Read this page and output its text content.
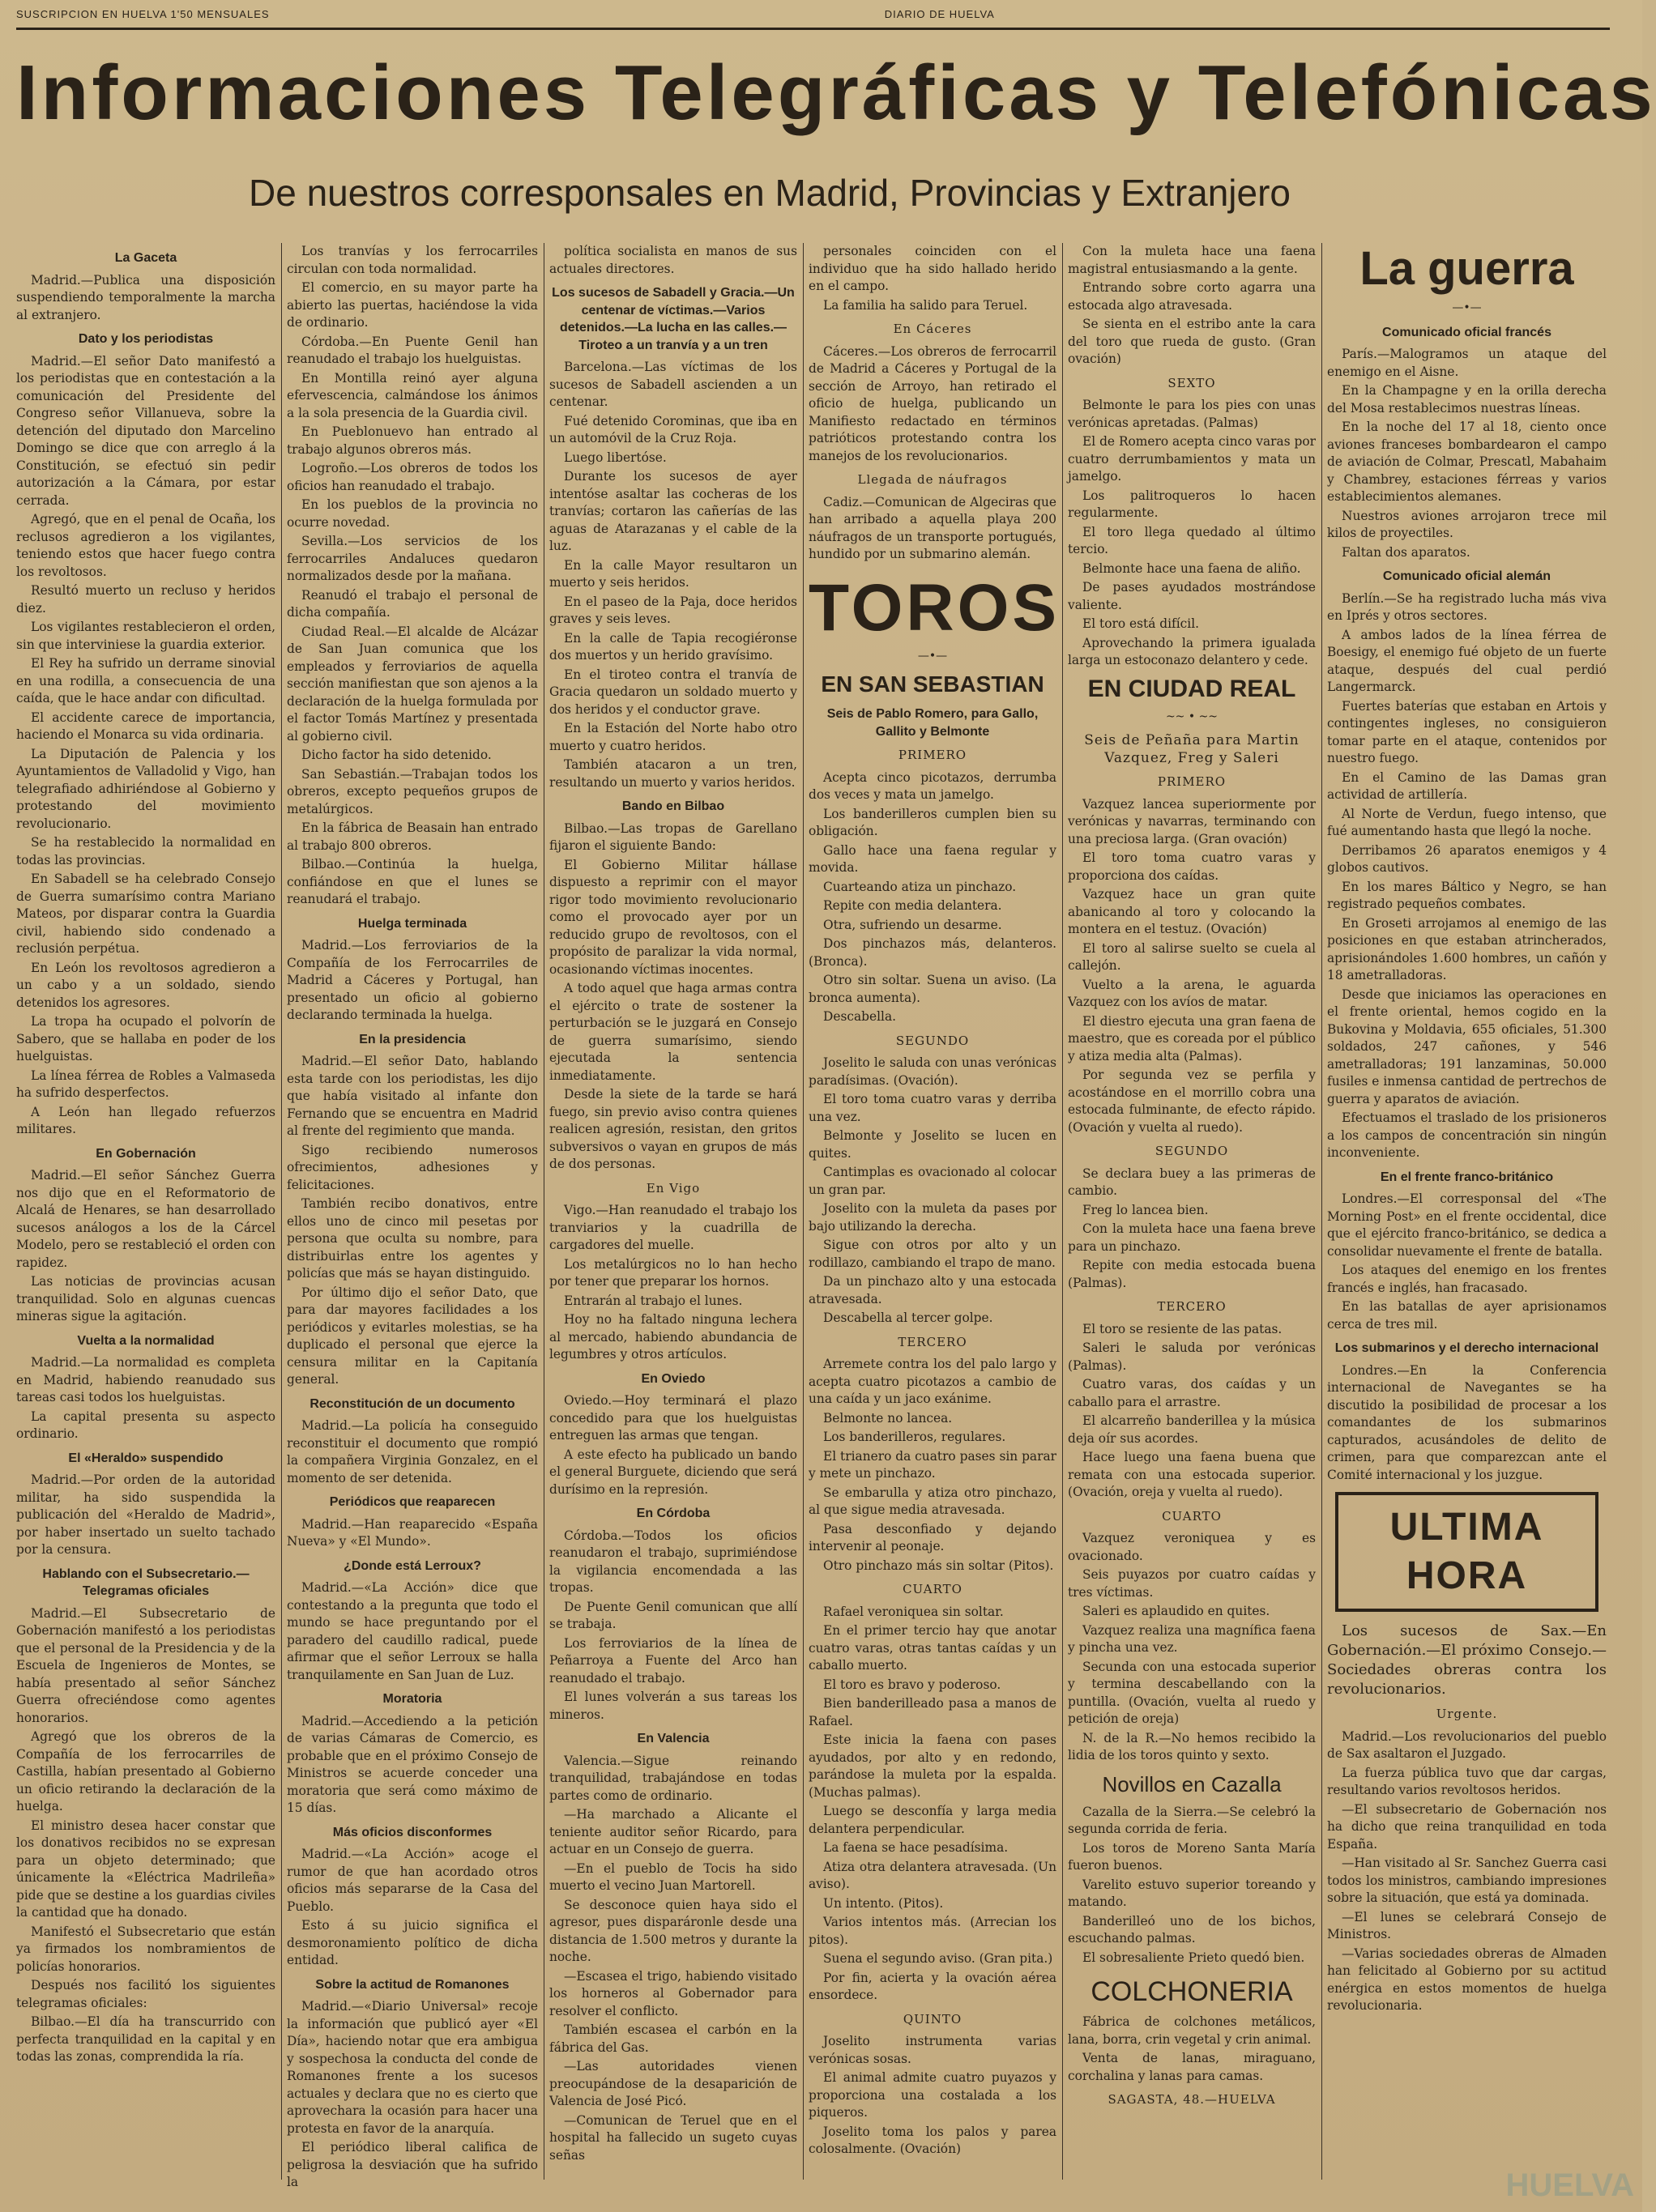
SUSCRIPCION EN HUELVA 1'50 MENSUALES	DIARIO DE HUELVA
Informaciones Telegráficas y Telefónicas
De nuestros corresponsales en Madrid, Provincias y Extranjero
La Gaceta

Madrid.—Publica una disposición suspendiendo temporalmente la marcha al extranjero.

Dato y los periodistas

Madrid.—El señor Dato manifestó a los periodistas que en contestación a la comunicación del Presidente del Congreso señor Villanueva, sobre la detención del diputado don Marcelino Domingo se dice que con arreglo á la Constitución, se efectuó sin pedir autorización a la Cámara, por estar cerrada.

Agregó, que en el penal de Ocaña, los reclusos agredieron a los vigilantes, teniendo estos que hacer fuego contra los revoltosos.

Resultó muerto un recluso y heridos diez.

Los vigilantes restablecieron el orden, sin que interviniese la guardia exterior.

El Rey ha sufrido un derrame sinovial en una rodilla, a consecuencia de una caída, que le hace andar con dificultad.

El accidente carece de importancia, haciendo el Monarca su vida ordinaria.

La Diputación de Palencia y los Ayuntamientos de Valladolid y Vigo, han telegrafiado adhiriéndose al Gobierno y protestando del movimiento revolucionario.

Se ha restablecido la normalidad en todas las provincias.

En Sabadell se ha celebrado Consejo de Guerra sumarísimo contra Mariano Mateos, por disparar contra la Guardia civil, habiendo sido condenado a reclusión perpétua.

En León los revoltosos agredieron a un cabo y a un soldado, siendo detenidos los agresores.

La tropa ha ocupado el polvorín de Sabero, que se hallaba en poder de los huelguistas.

La línea férrea de Robles a Valmaseda ha sufrido desperfectos.

A León han llegado refuerzos militares.

En Gobernación

Madrid.—El señor Sánchez Guerra nos dijo que en el Reformatorio de Alcalá de Henares, se han desarrollado sucesos análogos a los de la Cárcel Modelo, pero se restableció el orden con rapidez.

Las noticias de provincias acusan tranquilidad. Solo en algunas cuencas mineras sigue la agitación.

Vuelta a la normalidad

Madrid.—La normalidad es completa en Madrid, habiendo reanudado sus tareas casi todos los huelguistas.

La capital presenta su aspecto ordinario.

El «Heraldo» suspendido

Madrid.—Por orden de la autoridad militar, ha sido suspendida la publicación del «Heraldo de Madrid», por haber insertado un suelto tachado por la censura.

Hablando con el Subsecretario.—Telegramas oficiales

Madrid.—El Subsecretario de Gobernación manifestó a los periodistas que el personal de la Presidencia y de la Escuela de Ingenieros de Montes, se había presentado al señor Sánchez Guerra ofreciéndose como agentes honorarios.

Agregó que los obreros de la Compañía de los ferrocarriles de Castilla, habían presentado al Gobierno un oficio retirando la declaración de la huelga.

El ministro desea hacer constar que los donativos recibidos no se expresan para un objeto determinado; que únicamente la «Eléctrica Madrileña» pide que se destine a los guardias civiles la cantidad que ha donado.

Manifestó el Subsecretario que están ya firmados los nombramientos de policías honorarios.

Después nos facilitó los siguientes telegramas oficiales:

Bilbao.—El día ha transcurrido con perfecta tranquilidad en la capital y en todas las zonas, comprendida la ría.

Los tranvías y los ferrocarriles circulan con toda normalidad.

El comercio, en su mayor parte ha abierto las puertas, haciéndose la vida de ordinario.

Córdoba.—En Puente Genil han reanudado el trabajo los huelguistas.

En Montilla reinó ayer alguna efervescencia, calmándose los ánimos a la sola presencia de la Guardia civil.

En Pueblonuevo han entrado al trabajo algunos obreros más.

Logroño.—Los obreros de todos los oficios han reanudado el trabajo.

En los pueblos de la provincia no ocurre novedad.

Sevilla.—Los servicios de los ferrocarriles Andaluces quedaron normalizados desde por la mañana.

Reanudó el trabajo el personal de dicha compañía.

Ciudad Real.—El alcalde de Alcázar de San Juan comunica que los empleados y ferroviarios de aquella sección manifiestan que son ajenos a la declaración de la huelga formulada por el factor Tomás Martínez y presentada al gobierno civil.

Dicho factor ha sido detenido.

San Sebastián.—Trabajan todos los obreros, excepto pequeños grupos de metalúrgicos.

En la fábrica de Beasain han entrado al trabajo 800 obreros.

Bilbao.—Continúa la huelga, confiándose en que el lunes se reanudará el trabajo.

Huelga terminada

Madrid.—Los ferroviarios de la Compañía de los Ferrocarriles de Madrid a Cáceres y Portugal, han presentado un oficio al gobierno declarando terminada la huelga.

En la presidencia

Madrid.—El señor Dato, hablando esta tarde con los periodistas, les dijo que había visitado al infante don Fernando que se encuentra en Madrid al frente del regimiento que manda.

Sigo recibiendo numerosos ofrecimientos, adhesiones y felicitaciones.

También recibo donativos, entre ellos uno de cinco mil pesetas por persona que oculta su nombre, para distribuirlas entre los agentes y policías que más se hayan distinguido.

Por último dijo el señor Dato, que para dar mayores facilidades a los periódicos y evitarles molestias, se ha duplicado el personal que ejerce la censura militar en la Capitanía general.

Reconstitución de un documento

Madrid.—La policía ha conseguido reconstituir el documento que rompió la compañera Virginia Gonzalez, en el momento de ser detenida.

Periódicos que reaparecen

Madrid.—Han reaparecido «España Nueva» y «El Mundo».

¿Donde está Lerroux?

Madrid.—«La Acción» dice que contestando a la pregunta que todo el mundo se hace preguntando por el paradero del caudillo radical, puede afirmar que el señor Lerroux se halla tranquilamente en San Juan de Luz.

Moratoria

Madrid.—Accediendo a la petición de varias Cámaras de Comercio, es probable que en el próximo Consejo de Ministros se acuerde conceder una moratoria que será como máximo de 15 días.

Más oficios disconformes

Madrid.—«La Acción» acoge el rumor de que han acordado otros oficios más separarse de la Casa del Pueblo.

Esto á su juicio significa el desmoronamiento político de dicha entidad.

Sobre la actitud de Romanones

Madrid.—«Diario Universal» recoje la información que publicó ayer «El Día», haciendo notar que era ambigua y sospechosa la conducta del conde de Romanones frente a los sucesos actuales y declara que no es cierto que aprovechara la ocasión para hacer una protesta en favor de la anarquía.

El periódico liberal califica de peligrosa la desviación que ha sufrido la

política socialista en manos de sus actuales directores.

Los sucesos de Sabadell y Gracia.—Un centenar de víctimas.—Varios detenidos.—La lucha en las calles.—Tiroteo a un tranvía y a un tren

Barcelona.—Las víctimas de los sucesos de Sabadell ascienden a un centenar.

Fué detenido Corominas, que iba en un automóvil de la Cruz Roja.

Luego libertóse.

Durante los sucesos de ayer intentóse asaltar las cocheras de los tranvías; cortaron las cañerías de las aguas de Atarazanas y el cable de la luz.

En la calle Mayor resultaron un muerto y seis heridos.

En el paseo de la Paja, doce heridos graves y seis leves.

En la calle de Tapia recogiéronse dos muertos y un herido gravísimo.

En el tiroteo contra el tranvía de Gracia quedaron un soldado muerto y dos heridos y el conductor grave.

En la Estación del Norte habo otro muerto y cuatro heridos.

También atacaron a un tren, resultando un muerto y varios heridos.

Bando en Bilbao

Bilbao.—Las tropas de Garellano fijaron el siguiente Bando:

El Gobierno Militar hállase dispuesto a reprimir con el mayor rigor todo movimiento revolucionario como el provocado ayer por un reducido grupo de revoltosos, con el propósito de paralizar la vida normal, ocasionando víctimas inocentes.

A todo aquel que haga armas contra el ejército o trate de sostener la perturbación se le juzgará en Consejo de guerra sumarísimo, siendo ejecutada la sentencia inmediatamente.

Desde la siete de la tarde se hará fuego, sin previo aviso contra quienes realicen agresión, resistan, den gritos subversivos o vayan en grupos de más de dos personas.

En Vigo

Vigo.—Han reanudado el trabajo los tranviarios y la cuadrilla de cargadores del muelle.

Los metalúrgicos no lo han hecho por tener que preparar los hornos.

Entrarán al trabajo el lunes.

Hoy no ha faltado ninguna lechera al mercado, habiendo abundancia de legumbres y otros artículos.

En Oviedo

Oviedo.—Hoy terminará el plazo concedido para que los huelguistas entreguen las armas que tengan.

A este efecto ha publicado un bando el general Burguete, diciendo que será durísimo en la represión.

En Córdoba

Córdoba.—Todos los oficios reanudaron el trabajo, suprimiéndose la vigilancia encomendada a las tropas.

De Puente Genil comunican que allí se trabaja.

Los ferroviarios de la línea de Peñarroya a Fuente del Arco han reanudado el trabajo.

El lunes volverán a sus tareas los mineros.

En Valencia

Valencia.—Sigue reinando tranquilidad, trabajándose en todas partes como de ordinario.

—Ha marchado a Alicante el teniente auditor señor Ricardo, para actuar en un Consejo de guerra.

—En el pueblo de Tocis ha sido muerto el vecino Juan Martorell.

Se desconoce quien haya sido el agresor, pues disparáronle desde una distancia de 1.500 metros y durante la noche.

—Escasea el trigo, habiendo visitado los horneros al Gobernador para resolver el conflicto.

También escasea el carbón en la fábrica del Gas.

—Las autoridades vienen preocupándose de la desaparición de Valencia de José Picó.

—Comunican de Teruel que en el hospital ha fallecido un sugeto cuyas señas

personales coinciden con el individuo que ha sido hallado herido en el campo.

La familia ha salido para Teruel.

En Cáceres

Cáceres.—Los obreros de ferrocarril de Madrid a Cáceres y Portugal de la sección de Arroyo, han retirado el oficio de huelga, publicando un Manifiesto redactado en términos patrióticos protestando contra los manejos de los revolucionarios.

Llegada de náufragos

Cadiz.—Comunican de Algeciras que han arribado a aquella playa 200 náufragos de un transporte portugués, hundido por un submarino alemán.

TOROS
—•—
EN SAN SEBASTIAN
Seis de Pablo Romero, para Gallo, Gallito y Belmonte
PRIMERO

Acepta cinco picotazos, derrumba dos veces y mata un jamelgo.

Los banderilleros cumplen bien su obligación.

Gallo hace una faena regular y movida.

Cuarteando atiza un pinchazo.

Repite con media delantera.

Otra, sufriendo un desarme.

Dos pinchazos más, delanteros. (Bronca).

Otro sin soltar. Suena un aviso. (La bronca aumenta).

Descabella.

SEGUNDO

Joselito le saluda con unas verónicas paradísimas. (Ovación).

El toro toma cuatro varas y derriba una vez.

Belmonte y Joselito se lucen en quites.

Cantimplas es ovacionado al colocar un gran par.

Joselito con la muleta da pases por bajo utilizando la derecha.

Sigue con otros por alto y un rodillazo, cambiando el trapo de mano.

Da un pinchazo alto y una estocada atravesada.

Descabella al tercer golpe.

TERCERO

Arremete contra los del palo largo y acepta cuatro picotazos a cambio de una caída y un jaco exánime.

Belmonte no lancea.

Los banderilleros, regulares.

El trianero da cuatro pases sin parar y mete un pinchazo.

Se embarulla y atiza otro pinchazo, al que sigue media atravesada.

Pasa desconfiado y dejando intervenir al peonaje.

Otro pinchazo más sin soltar (Pitos).

CUARTO

Rafael veroniquea sin soltar.

En el primer tercio hay que anotar cuatro varas, otras tantas caídas y un caballo muerto.

El toro es bravo y poderoso.

Bien banderilleado pasa a manos de Rafael.

Este inicia la faena con pases ayudados, por alto y en redondo, parándose la muleta por la espalda. (Muchas palmas).

Luego se desconfía y larga media delantera perpendicular.

La faena se hace pesadísima.

Atiza otra delantera atravesada. (Un aviso).

Un intento. (Pitos).

Varios intentos más. (Arrecian los pitos).

Suena el segundo aviso. (Gran pita.)

Por fin, acierta y la ovación aérea ensordece.

QUINTO

Joselito instrumenta varias verónicas sosas.

El animal admite cuatro puyazos y proporciona una costalada a los piqueros.

Joselito toma los palos y parea colosalmente. (Ovación)

Con la muleta hace una faena magistral entusiasmando a la gente.

Entrando sobre corto agarra una estocada algo atravesada.

Se sienta en el estribo ante la cara del toro que rueda de gusto. (Gran ovación)

SEXTO

Belmonte le para los pies con unas verónicas apretadas. (Palmas)

El de Romero acepta cinco varas por cuatro derrumbamientos y mata un jamelgo.

Los palitroqueros lo hacen regularmente.

El toro llega quedado al último tercio.

Belmonte hace una faena de aliño.

De pases ayudados mostrándose valiente.

El toro está difícil.

Aprovechando la primera igualada larga un estoconazo delantero y cede.

EN CIUDAD REAL
~~ • ~~
Seis de Peñaña para Martin Vazquez, Freg y Saleri
PRIMERO

Vazquez lancea superiormente por verónicas y navarras, terminando con una preciosa larga. (Gran ovación)

El toro toma cuatro varas y proporciona dos caídas.

Vazquez hace un gran quite abanicando al toro y colocando la montera en el testuz. (Ovación)

El toro al salirse suelto se cuela al callejón.

Vuelto a la arena, le aguarda Vazquez con los avíos de matar.

El diestro ejecuta una gran faena de maestro, que es coreada por el público y atiza media alta (Palmas).

Por segunda vez se perfila y acostándose en el morrillo cobra una estocada fulminante, de efecto rápido. (Ovación y vuelta al ruedo).

SEGUNDO

Se declara buey a las primeras de cambio.

Freg lo lancea bien.

Con la muleta hace una faena breve para un pinchazo.

Repite con media estocada buena (Palmas).

TERCERO

El toro se resiente de las patas.

Saleri le saluda por verónicas (Palmas).

Cuatro varas, dos caídas y un caballo para el arrastre.

El alcarreño banderillea y la música deja oír sus acordes.

Hace luego una faena buena que remata con una estocada superior. (Ovación, oreja y vuelta al ruedo).

CUARTO

Vazquez veroniquea y es ovacionado.

Seis puyazos por cuatro caídas y tres víctimas.

Saleri es aplaudido en quites.

Vazquez realiza una magnífica faena y pincha una vez.

Secunda con una estocada superior y termina descabellando con la puntilla. (Ovación, vuelta al ruedo y petición de oreja)

N. de la R.—No hemos recibido la lidia de los toros quinto y sexto.

Novillos en Cazalla

Cazalla de la Sierra.—Se celebró la segunda corrida de feria.

Los toros de Moreno Santa María fueron buenos.

Varelito estuvo superior toreando y matando.

Banderilleó uno de los bichos, escuchando palmas.

El sobresaliente Prieto quedó bien.

COLCHONERIA

Fábrica de colchones metálicos, lana, borra, crin vegetal y crin animal.

Venta de lanas, miraguano, corchalina y lanas para camas.

SAGASTA, 48.—HUELVA
La guerra
—•—
Comunicado oficial francés

París.—Malogramos un ataque del enemigo en el Aisne.

En la Champagne y en la orilla derecha del Mosa restablecimos nuestras líneas.

En la noche del 17 al 18, ciento once aviones franceses bombardearon el campo de aviación de Colmar, Prescatl, Mabahaim y Chambrey, estaciones férreas y varios establecimientos alemanes.

Nuestros aviones arrojaron trece mil kilos de proyectiles.

Faltan dos aparatos.

Comunicado oficial alemán

Berlín.—Se ha registrado lucha más viva en Iprés y otros sectores.

A ambos lados de la línea férrea de Boesigy, el enemigo fué objeto de un fuerte ataque, después del cual perdió Langermarck.

Fuertes baterías que estaban en Artois y contingentes ingleses, no consiguieron tomar parte en el ataque, contenidos por nuestro fuego.

En el Camino de las Damas gran actividad de artillería.

Al Norte de Verdun, fuego intenso, que fué aumentando hasta que llegó la noche.

Derribamos 26 aparatos enemigos y 4 globos cautivos.

En los mares Báltico y Negro, se han registrado pequeños combates.

En Groseti arrojamos al enemigo de las posiciones en que estaban atrincherados, aprisionándoles 1.600 hombres, un cañón y 18 ametralladoras.

Desde que iniciamos las operaciones en el frente oriental, hemos cogido en la Bukovina y Moldavia, 655 oficiales, 51.300 soldados, 247 cañones, y 546 ametralladoras; 191 lanzaminas, 50.000 fusiles e inmensa cantidad de pertrechos de guerra y aparatos de aviación.

Efectuamos el traslado de los prisioneros a los campos de concentración sin ningún inconveniente.

En el frente franco-británico

Londres.—El corresponsal del «The Morning Post» en el frente occidental, dice que el ejército franco-británico, se dedica a consolidar nuevamente el frente de batalla.

Los ataques del enemigo en los frentes francés e inglés, han fracasado.

En las batallas de ayer aprisionamos cerca de tres mil.

Los submarinos y el derecho internacional

Londres.—En la Conferencia internacional de Navegantes se ha discutido la posibilidad de procesar a los comandantes de los submarinos capturados, acusándoles de delito de crimen, para que comparezcan ante el Comité internacional y los juzgue.

ULTIMA HORA

Los sucesos de Sax.—En Gobernación.—El próximo Consejo.—Sociedades obreras contra los revolucionarios.

Urgente.

Madrid.—Los revolucionarios del pueblo de Sax asaltaron el Juzgado.

La fuerza pública tuvo que dar cargas, resultando varios revoltosos heridos.

—El subsecretario de Gobernación nos ha dicho que reina tranquilidad en toda España.

—Han visitado al Sr. Sanchez Guerra casi todos los ministros, cambiando impresiones sobre la situación, que está ya dominada.

—El lunes se celebrará Consejo de Ministros.

—Varias sociedades obreras de Almaden han felicitado al Gobierno por su actitud enérgica en estos momentos de huelga revolucionaria.

HUELVA
